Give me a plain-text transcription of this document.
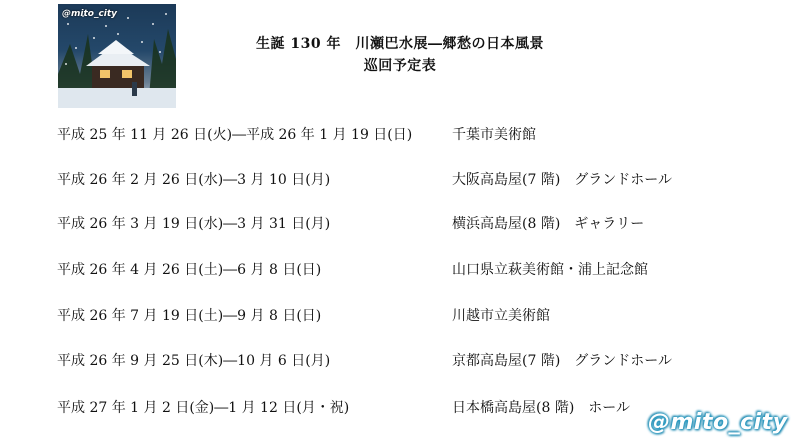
@mito_city
生誕 130 年　川瀬巴水展―郷愁の日本風景
巡回予定表
平成 25 年 11 月 26 日(火)―平成 26 年 1 月 19 日(日)	千葉市美術館
平成 26 年 2 月 26 日(水)―3 月 10 日(月)	大阪高島屋(7 階)　グランドホール
平成 26 年 3 月 19 日(水)―3 月 31 日(月)	横浜高島屋(8 階)　ギャラリー
平成 26 年 4 月 26 日(土)―6 月 8 日(日)	山口県立萩美術館・浦上記念館
平成 26 年 7 月 19 日(土)―9 月 8 日(日)	川越市立美術館
平成 26 年 9 月 25 日(木)―10 月 6 日(月)	京都高島屋(7 階)　グランドホール
平成 27 年 1 月 2 日(金)―1 月 12 日(月・祝)	日本橋高島屋(8 階)　ホール
@mito_city
